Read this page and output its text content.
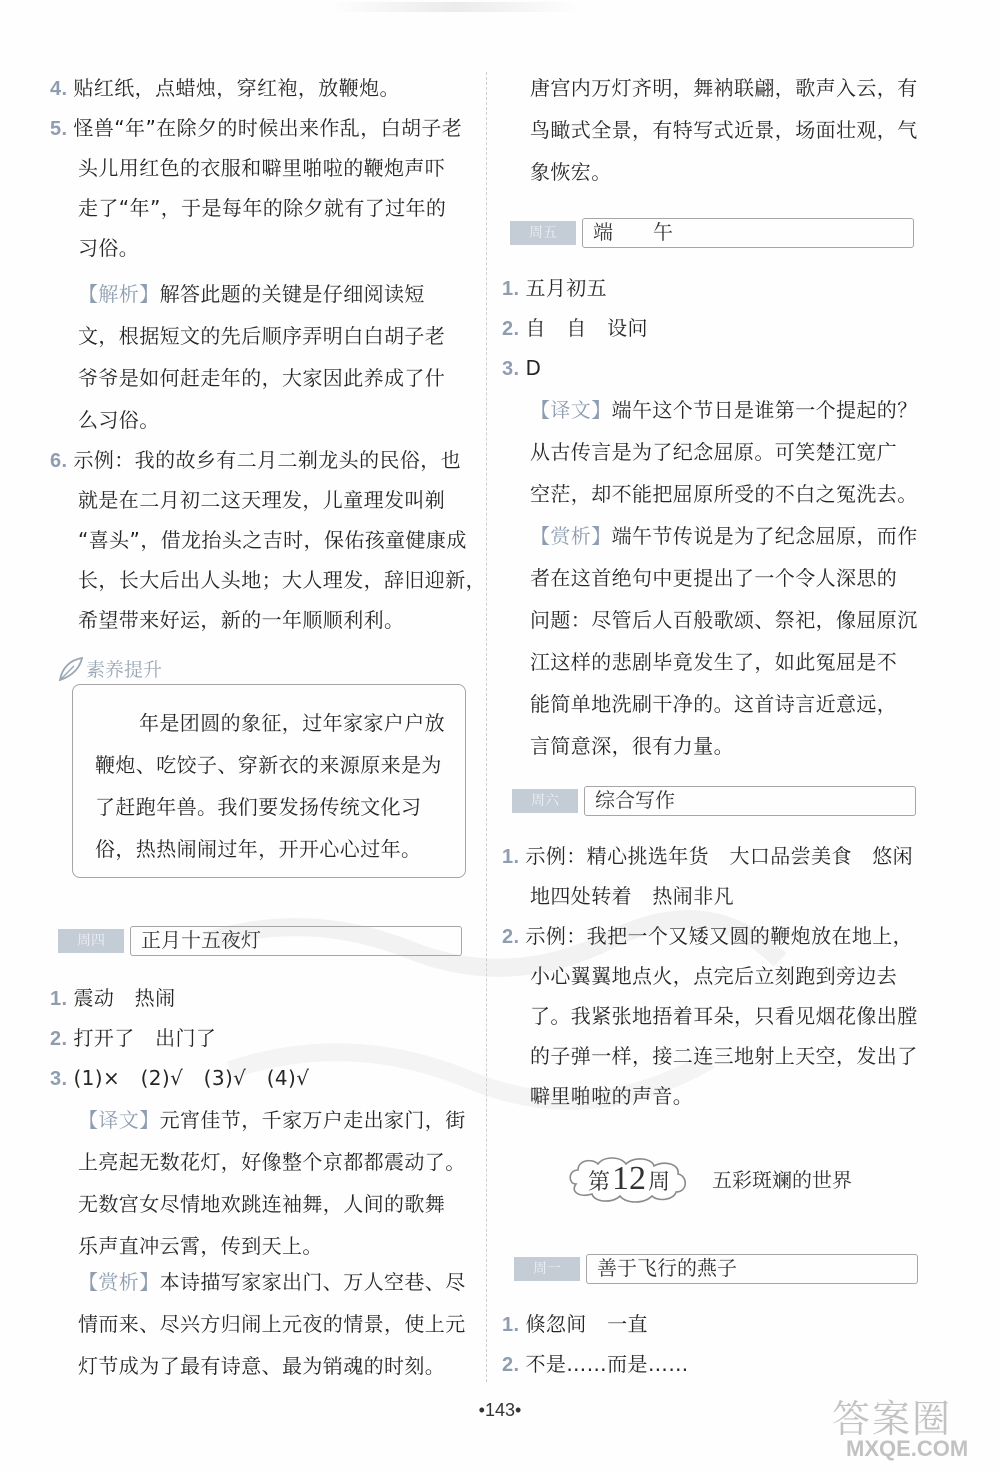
4. 贴红纸，点蜡烛，穿红袍，放鞭炮。
5. 怪兽“年”在除夕的时候出来作乱，白胡子老
头儿用红色的衣服和噼里啪啦的鞭炮声吓
走了“年”，于是每年的除夕就有了过年的
习俗。
【解析】解答此题的关键是仔细阅读短
文，根据短文的先后顺序弄明白白胡子老
爷爷是如何赶走年的，大家因此养成了什
么习俗。
6. 示例：我的故乡有二月二剃龙头的民俗，也
就是在二月初二这天理发，儿童理发叫剃
“喜头”，借龙抬头之吉时，保佑孩童健康成
长，长大后出人头地；大人理发，辞旧迎新，
希望带来好运，新的一年顺顺利利。
素养提升
年是团圆的象征，过年家家户户放
鞭炮、吃饺子、穿新衣的来源原来是为
了赶跑年兽。我们要发扬传统文化习
俗，热热闹闹过年，开开心心过年。
周四	正月十五夜灯
1. 震动　热闹
2. 打开了　出门了
3. (1)×　(2)√　(3)√　(4)√
【译文】元宵佳节，千家万户走出家门，街
上亮起无数花灯，好像整个京都都震动了。
无数宫女尽情地欢跳连袖舞，人间的歌舞
乐声直冲云霄，传到天上。
【赏析】本诗描写家家出门、万人空巷、尽
情而来、尽兴方归闹上元夜的情景，使上元
灯节成为了最有诗意、最为销魂的时刻。
唐宫内万灯齐明，舞衲联翩，歌声入云，有
鸟瞰式全景，有特写式近景，场面壮观，气
象恢宏。
周五	端　　午
1. 五月初五
2. 自　自　设问
3. D
【译文】端午这个节日是谁第一个提起的？
从古传言是为了纪念屈原。可笑楚江宽广
空茫，却不能把屈原所受的不白之冤洗去。
【赏析】端午节传说是为了纪念屈原，而作
者在这首绝句中更提出了一个令人深思的
问题：尽管后人百般歌颂、祭祀，像屈原沉
江这样的悲剧毕竟发生了，如此冤屈是不
能简单地洗刷干净的。这首诗言近意远，
言简意深，很有力量。
周六	综合写作
1. 示例：精心挑选年货　大口品尝美食　悠闲
地四处转着　热闹非凡
2. 示例：我把一个又矮又圆的鞭炮放在地上，
小心翼翼地点火，点完后立刻跑到旁边去
了。我紧张地捂着耳朵，只看见烟花像出膛
的子弹一样，接二连三地射上天空，发出了
噼里啪啦的声音。
第12周 五彩斑斓的世界
周一	善于飞行的燕子
1. 倏忽间　一直
2. 不是……而是……
•143•	答案圈
MXQE.COM
